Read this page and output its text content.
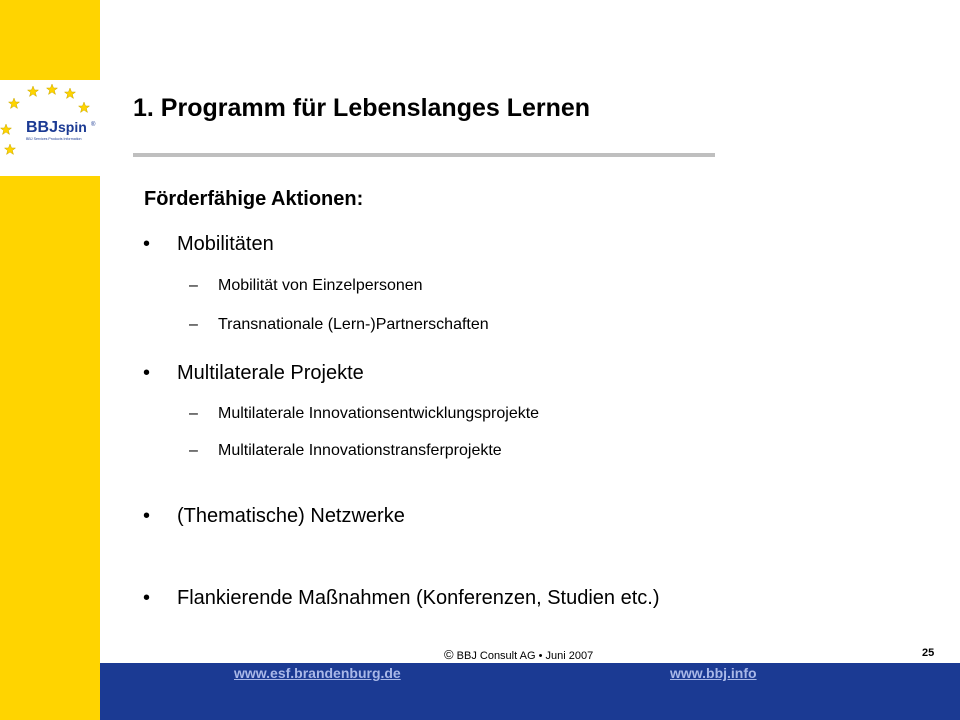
BBJ spin ®
BBJ Services Products Information
1. Programm für Lebenslanges Lernen
Förderfähige Aktionen:
• Mobilitäten
– Mobilität von Einzelpersonen
– Transnationale (Lern-)Partnerschaften
• Multilaterale Projekte
– Multilaterale Innovationsentwicklungsprojekte
– Multilaterale Innovationstransferprojekte
• (Thematische) Netzwerke
• Flankierende Maßnahmen (Konferenzen, Studien etc.)
© BBJ Consult AG • Juni 2007	25
www.esf.brandenburg.de	www.bbj.info
